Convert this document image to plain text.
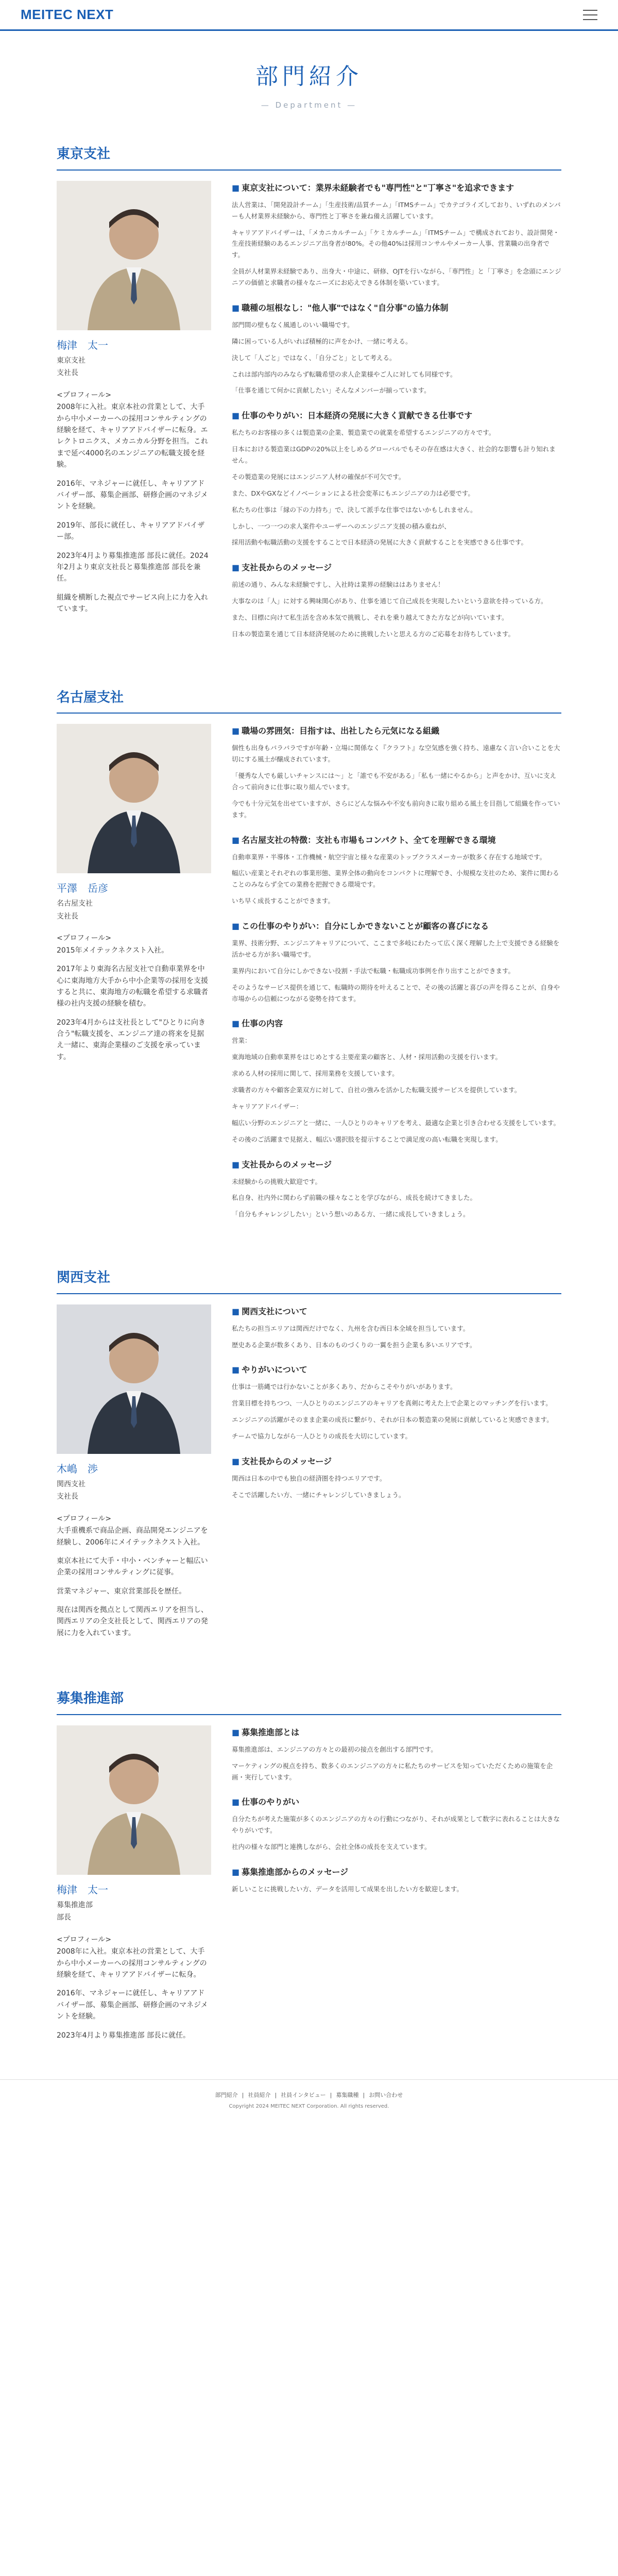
MEITEC NEXT
部門紹介
— Department —
東京支社
梅津　太一
東京支社
支社長
<プロフィール>

2008年に入社。東京本社の営業として、大手から中小メーカーへの採用コンサルティングの経験を経て、キャリアアドバイザーに転身。エレクトロニクス、メカニカル分野を担当。これまで延べ4000名のエンジニアの転職支援を経験。

2016年、マネジャーに就任し、キャリアアドバイザー部、募集企画部、研修企画のマネジメントを経験。

2019年、部長に就任し、キャリアアドバイザー部。

2023年4月より募集推進部 部長に就任。2024年2月より東京支社長と募集推進部 部長を兼任。

組織を横断した視点でサービス向上に力を入れています。

■ 東京支社について：業界未経験者でも"専門性"と"丁寧さ"を追求できます

法人営業は、「開発設計チーム」「生産技術/品質チーム」「ITMSチーム」でカテゴライズしており、いずれのメンバーも人材業界未経験から、専門性と丁寧さを兼ね備え活躍しています。

キャリアアドバイザーは、「メカニカルチーム」「ケミカルチーム」「ITMSチーム」で構成されており、設計開発・生産技術経験のあるエンジニア出身者が80%。その他40%は採用コンサルやメーカー人事、営業職の出身者です。

全員が人材業界未経験であり、出身大・中途に、研修、OJTを行いながら、「専門性」と「丁寧さ」を念頭にエンジニアの価値と求職者の様々なニーズにお応えできる体制を築いています。

■ 職種の垣根なし："他人事"ではなく"自分事"の協力体制

部門間の壁もなく風通しのいい職場です。

隣に困っている人がいれば積極的に声をかけ、一緒に考える。

決して「人ごと」ではなく、「自分ごと」として考える。

これは部内部内のみならず転職希望の求人企業様やご人に対しても同様です。

「仕事を通じて何かに貢献したい」そんなメンバーが揃っています。

■ 仕事のやりがい：日本経済の発展に大きく貢献できる仕事です

私たちのお客様の多くは製造業の企業、製造業での就業を希望するエンジニアの方々です。

日本における製造業はGDPの20%以上をしめるグローバルでもその存在感は大きく、社会的な影響も計り知れません。

その製造業の発展にはエンジニア人材の確保が不可欠です。

また、DXやGXなどイノベーションによる社会変革にもエンジニアの力は必要です。

私たちの仕事は「縁の下の力持ち」で、決して派手な仕事ではないかもしれません。

しかし、一つ一つの求人案件やユーザーへのエンジニア支援の積み重ねが、

採用活動や転職活動の支援をすることで日本経済の発展に大きく貢献することを実感できる仕事です。

■ 支社長からのメッセージ

前述の通り、みんな未経験ですし、入社時は業界の経験ははありません！

大事なのは「人」に対する興味関心があり、仕事を通じて自己成長を実現したいという意欲を持っている方。

また、目標に向けて私生活を含め本気で挑戦し、それを乗り越えてきた方などが向いています。

日本の製造業を通じて日本経済発展のために挑戦したいと思える方のご応募をお待ちしています。

名古屋支社
平澤　岳彦
名古屋支社
支社長
<プロフィール>

2015年メイテックネクスト入社。

2017年より東海名古屋支社で自動車業界を中心に東海地方大手から中小企業等の採用を支援すると共に、東海地方の転職を希望する求職者様の社内支援の経験を積む。

2023年4月からは支社長として"ひとりに向き合う"転職支援を、エンジニア達の将来を見据え一緒に、東海企業様のご支援を承っています。

■ 職場の雰囲気：目指すは、出社したら元気になる組織

個性も出身もバラバラですが年齢・立場に関係なく『クラフト』な空気感を強く持ち、遠慮なく言い合いことを大切にする風土が醸成されています。

「優秀な人でも厳しいチャンスには〜」と「誰でも不安がある」「私も一緒にやるから」と声をかけ、互いに支え合って前向きに仕事に取り組んでいます。

今でも十分元気を出せていますが、さらにどんな悩みや不安も前向きに取り組める風土を目指して組織を作っています。

■ 名古屋支社の特徴：支社も市場もコンパクト、全てを理解できる環境

自動車業界・半導体・工作機械・航空宇宙と様々な産業のトップクラスメーカーが数多く存在する地域です。

幅広い産業とそれぞれの事業形態、業界全体の動向をコンパクトに理解でき、小規模な支社のため、案件に関わることのみならず全ての業務を把握できる環境です。

いち早く成長することができます。

■ この仕事のやりがい：自分にしかできないことが顧客の喜びになる

業界、技術分野、エンジニアキャリアについて、ここまで多岐にわたって広く深く理解した上で支援できる経験を活かせる方が多い職場です。

業界内において自分にしかできない役割・手法で転職・転職成功事例を作り出すことができます。

そのようなサービス提供を通じて、転職時の期待を叶えることで、その後の活躍と喜びの声を得ることが、自身や市場からの信頼につながる姿勢を持てます。

■ 仕事の内容

営業：

東海地域の自動車業界をはじめとする主要産業の顧客と、人材・採用活動の支援を行います。

求める人材の採用に関して、採用業務を支援しています。

求職者の方々や顧客企業双方に対して、自社の強みを活かした転職支援サービスを提供しています。

キャリアアドバイザー：

幅広い分野のエンジニアと一緒に、一人ひとりのキャリアを考え、最適な企業と引き合わせる支援をしています。

その後のご活躍まで見据え、幅広い選択肢を提示することで満足度の高い転職を実現します。

■ 支社長からのメッセージ

未経験からの挑戦大歓迎です。

私自身、社内外に関わらず前職の様々なことを学びながら、成長を続けてきました。

「自分もチャレンジしたい」という想いのある方、一緒に成長していきましょう。

関西支社
木嶋　渉
関西支社
支社長
<プロフィール>

大手重機系で商品企画、商品開発エンジニアを経験し、2006年にメイテックネクスト入社。

東京本社にて大手・中小・ベンチャーと幅広い企業の採用コンサルティングに従事。

営業マネジャー、東京営業部長を歴任。

現在は関西を拠点として関西エリアを担当し、関西エリアの全支社長として、関西エリアの発展に力を入れています。

■ 関西支社について

私たちの担当エリアは関西だけでなく、九州を含む西日本全域を担当しています。

歴史ある企業が数多くあり、日本のものづくりの一翼を担う企業も多いエリアです。

■ やりがいについて

仕事は一筋縄では行かないことが多くあり、だからこそやりがいがあります。

営業目標を持ちつつ、一人ひとりのエンジニアのキャリアを真剣に考えた上で企業とのマッチングを行います。

エンジニアの活躍がそのまま企業の成長に繋がり、それが日本の製造業の発展に貢献していると実感できます。

チームで協力しながら一人ひとりの成長を大切にしています。

■ 支社長からのメッセージ

関西は日本の中でも独自の経済圏を持つエリアです。

そこで活躍したい方、一緒にチャレンジしていきましょう。

募集推進部
梅津　太一
募集推進部
部長
<プロフィール>

2008年に入社。東京本社の営業として、大手から中小メーカーへの採用コンサルティングの経験を経て、キャリアアドバイザーに転身。

2016年、マネジャーに就任し、キャリアアドバイザー部、募集企画部、研修企画のマネジメントを経験。

2023年4月より募集推進部 部長に就任。

■ 募集推進部とは

募集推進部は、エンジニアの方々との最初の接点を創出する部門です。

マーケティングの視点を持ち、数多くのエンジニアの方々に私たちのサービスを知っていただくための施策を企画・実行しています。

■ 仕事のやりがい

自分たちが考えた施策が多くのエンジニアの方々の行動につながり、それが成果として数字に表れることは大きなやりがいです。

社内の様々な部門と連携しながら、会社全体の成長を支えています。

■ 募集推進部からのメッセージ

新しいことに挑戦したい方、データを活用して成果を出したい方を歓迎します。

部門紹介 | 社員紹介 | 社員インタビュー | 募集職種 | お問い合わせ
Copyright 2024 MEITEC NEXT Corporation. All rights reserved.
